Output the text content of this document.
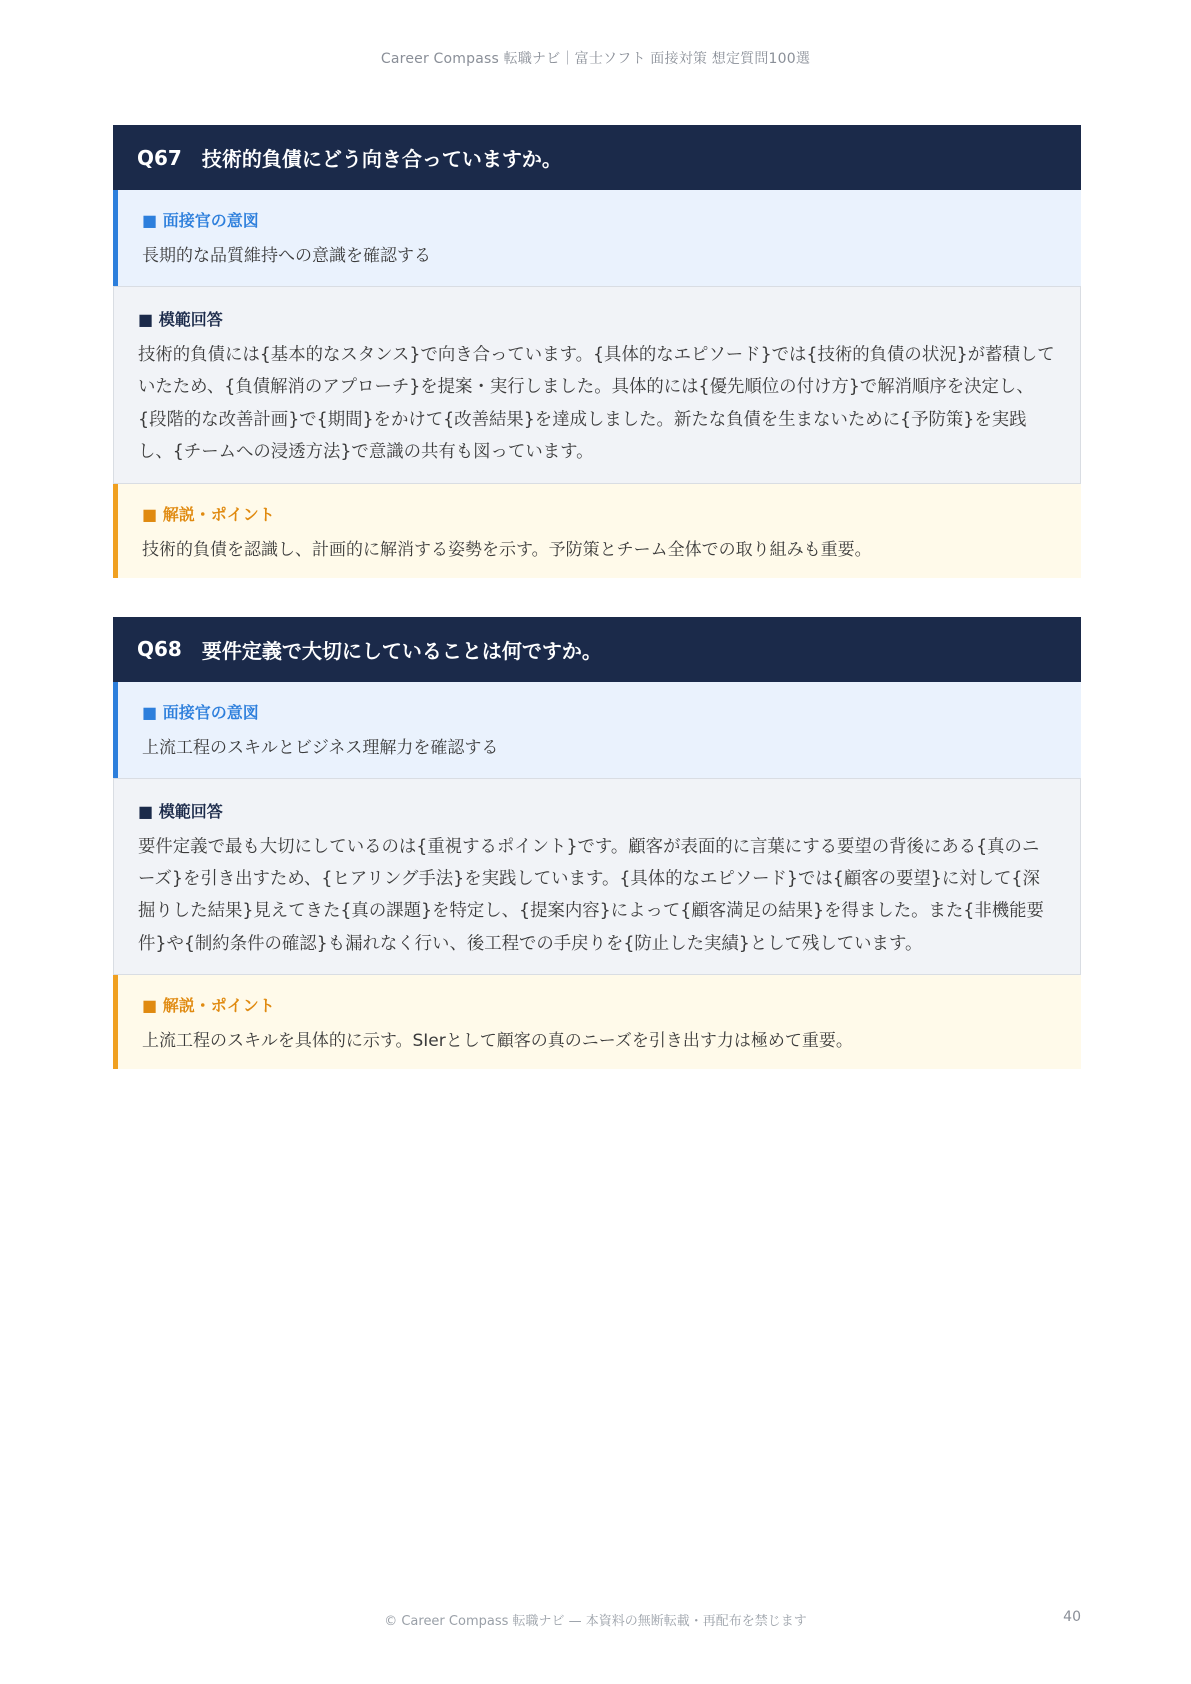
Career Compass 転職ナビ｜富士ソフト 面接対策 想定質問100選
Q67 技術的負債にどう向き合っていますか。
■ 面接官の意図
長期的な品質維持への意識を確認する
■ 模範回答
技術的負債には{基本的なスタンス}で向き合っています。{具体的なエピソード}では{技術的負債の状況}が蓄積していたため、{負債解消のアプローチ}を提案・実行しました。具体的には{優先順位の付け方}で解消順序を決定し、{段階的な改善計画}で{期間}をかけて{改善結果}を達成しました。新たな負債を生まないために{予防策}を実践し、{チームへの浸透方法}で意識の共有も図っています。
■ 解説・ポイント
技術的負債を認識し、計画的に解消する姿勢を示す。予防策とチーム全体での取り組みも重要。
Q68 要件定義で大切にしていることは何ですか。
■ 面接官の意図
上流工程のスキルとビジネス理解力を確認する
■ 模範回答
要件定義で最も大切にしているのは{重視するポイント}です。顧客が表面的に言葉にする要望の背後にある{真のニーズ}を引き出すため、{ヒアリング手法}を実践しています。{具体的なエピソード}では{顧客の要望}に対して{深掘りした結果}見えてきた{真の課題}を特定し、{提案内容}によって{顧客満足の結果}を得ました。また{非機能要件}や{制約条件の確認}も漏れなく行い、後工程での手戻りを{防止した実績}として残しています。
■ 解説・ポイント
上流工程のスキルを具体的に示す。SIerとして顧客の真のニーズを引き出す力は極めて重要。
© Career Compass 転職ナビ — 本資料の無断転載・再配布を禁じます	40
